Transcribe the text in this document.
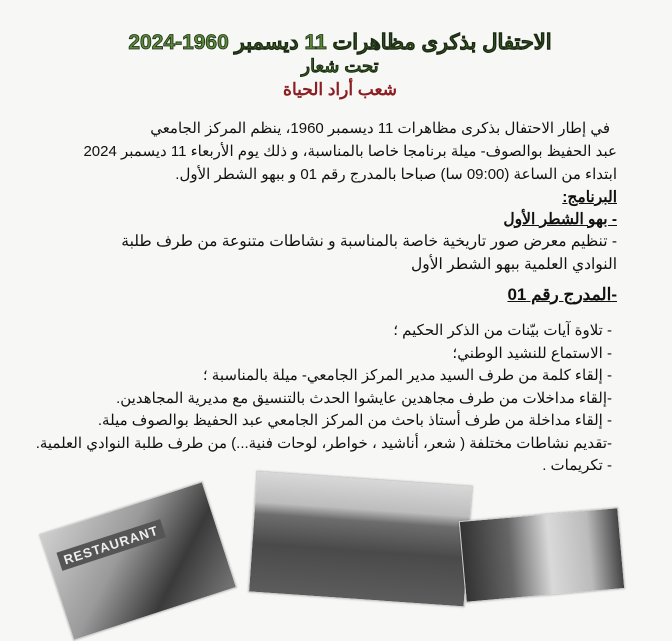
الاحتفال بذكرى مظاهرات 11 ديسمبر 1960-2024
تحت شعار
شعب أراد الحياة
في إطار الاحتفال بذكرى مظاهرات 11 ديسمبر 1960، ينظم المركز الجامعي
عبد الحفيظ بوالصوف- ميلة برنامجا خاصا بالمناسبة، و ذلك يوم الأربعاء 11 ديسمبر 2024
ابتداء من الساعة (09:00 سا) صباحا بالمدرج رقم 01 و ببهو الشطر الأول.
البرنامج:
- بهو الشطر الأول
- تنظيم معرض صور تاريخية خاصة بالمناسبة و نشاطات متنوعة من طرف طلبة
النوادي العلمية ببهو الشطر الأول
-المدرج رقم 01
- تلاوة آيات بيّنات من الذكر الحكيم ؛
- الاستماع للنشيد الوطني؛
- إلقاء كلمة من طرف السيد مدير المركز الجامعي- ميلة بالمناسبة ؛
-إلقاء مداخلات من طرف مجاهدين عايشوا الحدث بالتنسيق مع مديرية المجاهدين.
- إلقاء مداخلة من طرف أستاذ باحث من المركز الجامعي عبد الحفيظ بوالصوف ميلة.
-تقديم نشاطات مختلفة ( شعر، أناشيد ، خواطر، لوحات فنية...) من طرف طلبة النوادي العلمية.
- تكريمات .
RESTAURANT
